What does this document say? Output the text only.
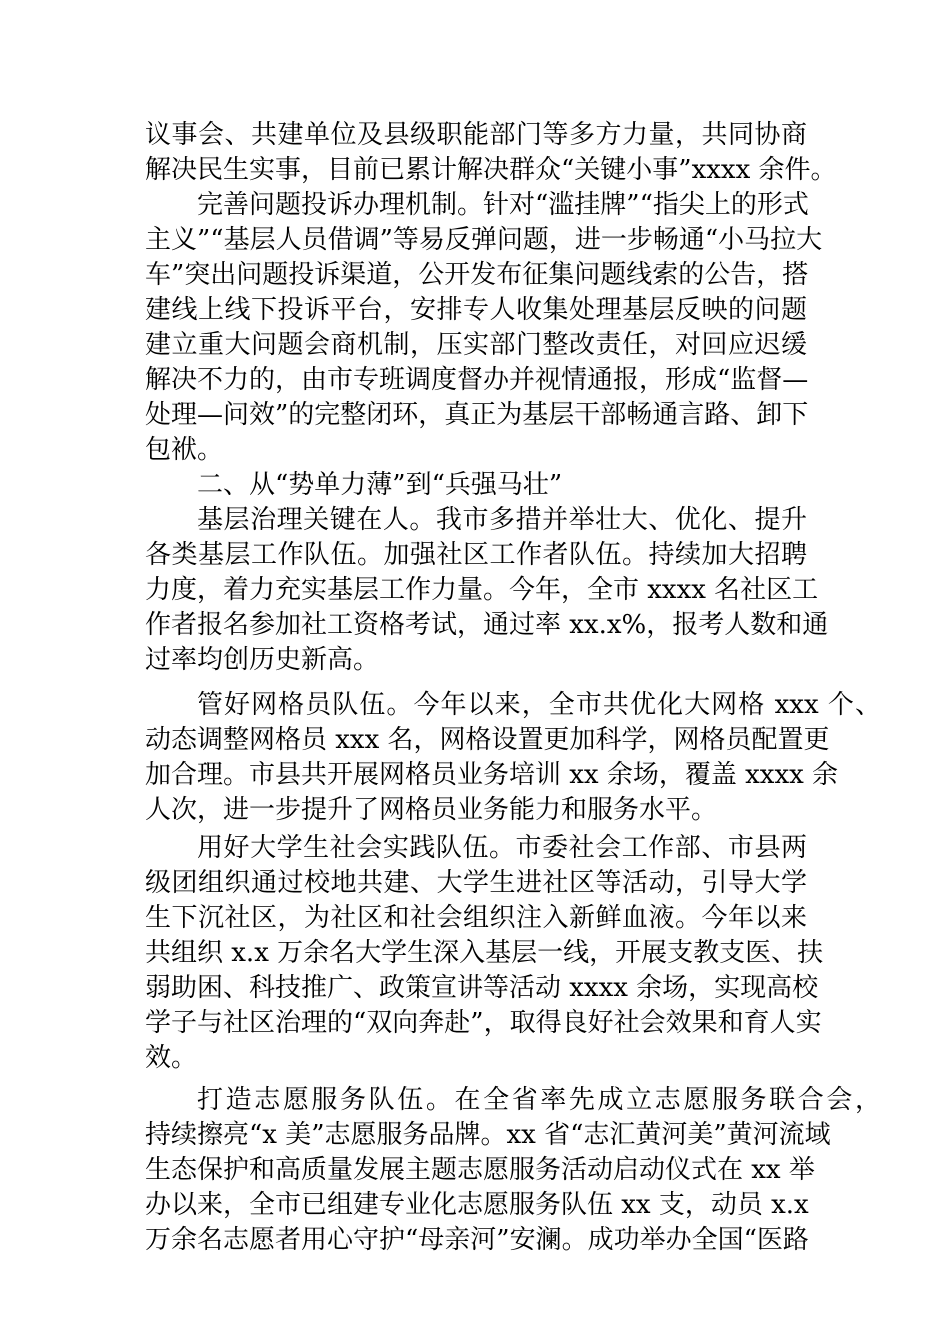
议事会、共建单位及县级职能部门等多方力量，共同协商
解决民生实事，目前已累计解决群众“关键小事”xxxx 余件。
完善问题投诉办理机制。针对“滥挂牌”“指尖上的形式
主义”“基层人员借调”等易反弹问题，进一步畅通“小马拉大
车”突出问题投诉渠道，公开发布征集问题线索的公告，搭
建线上线下投诉平台，安排专人收集处理基层反映的问题
建立重大问题会商机制，压实部门整改责任，对回应迟缓
解决不力的，由市专班调度督办并视情通报，形成“监督—
处理—问效”的完整闭环，真正为基层干部畅通言路、卸下
包袱。
二、从“势单力薄”到“兵强马壮”
基层治理关键在人。我市多措并举壮大、优化、提升
各类基层工作队伍。加强社区工作者队伍。持续加大招聘
力度，着力充实基层工作力量。今年，全市 xxxx 名社区工
作者报名参加社工资格考试，通过率 xx.x%，报考人数和通
过率均创历史新高。
管好网格员队伍。今年以来，全市共优化大网格 xxx 个、
动态调整网格员 xxx 名，网格设置更加科学，网格员配置更
加合理。市县共开展网格员业务培训 xx 余场，覆盖 xxxx 余
人次，进一步提升了网格员业务能力和服务水平。
用好大学生社会实践队伍。市委社会工作部、市县两
级团组织通过校地共建、大学生进社区等活动，引导大学
生下沉社区，为社区和社会组织注入新鲜血液。今年以来
共组织 x.x 万余名大学生深入基层一线，开展支教支医、扶
弱助困、科技推广、政策宣讲等活动 xxxx 余场，实现高校
学子与社区治理的“双向奔赴”，取得良好社会效果和育人实
效。
打造志愿服务队伍。在全省率先成立志愿服务联合会，
持续擦亮“x 美”志愿服务品牌。xx 省“志汇黄河美”黄河流域
生态保护和高质量发展主题志愿服务活动启动仪式在 xx 举
办以来，全市已组建专业化志愿服务队伍 xx 支，动员 x.x
万余名志愿者用心守护“母亲河”安澜。成功举办全国“医路
